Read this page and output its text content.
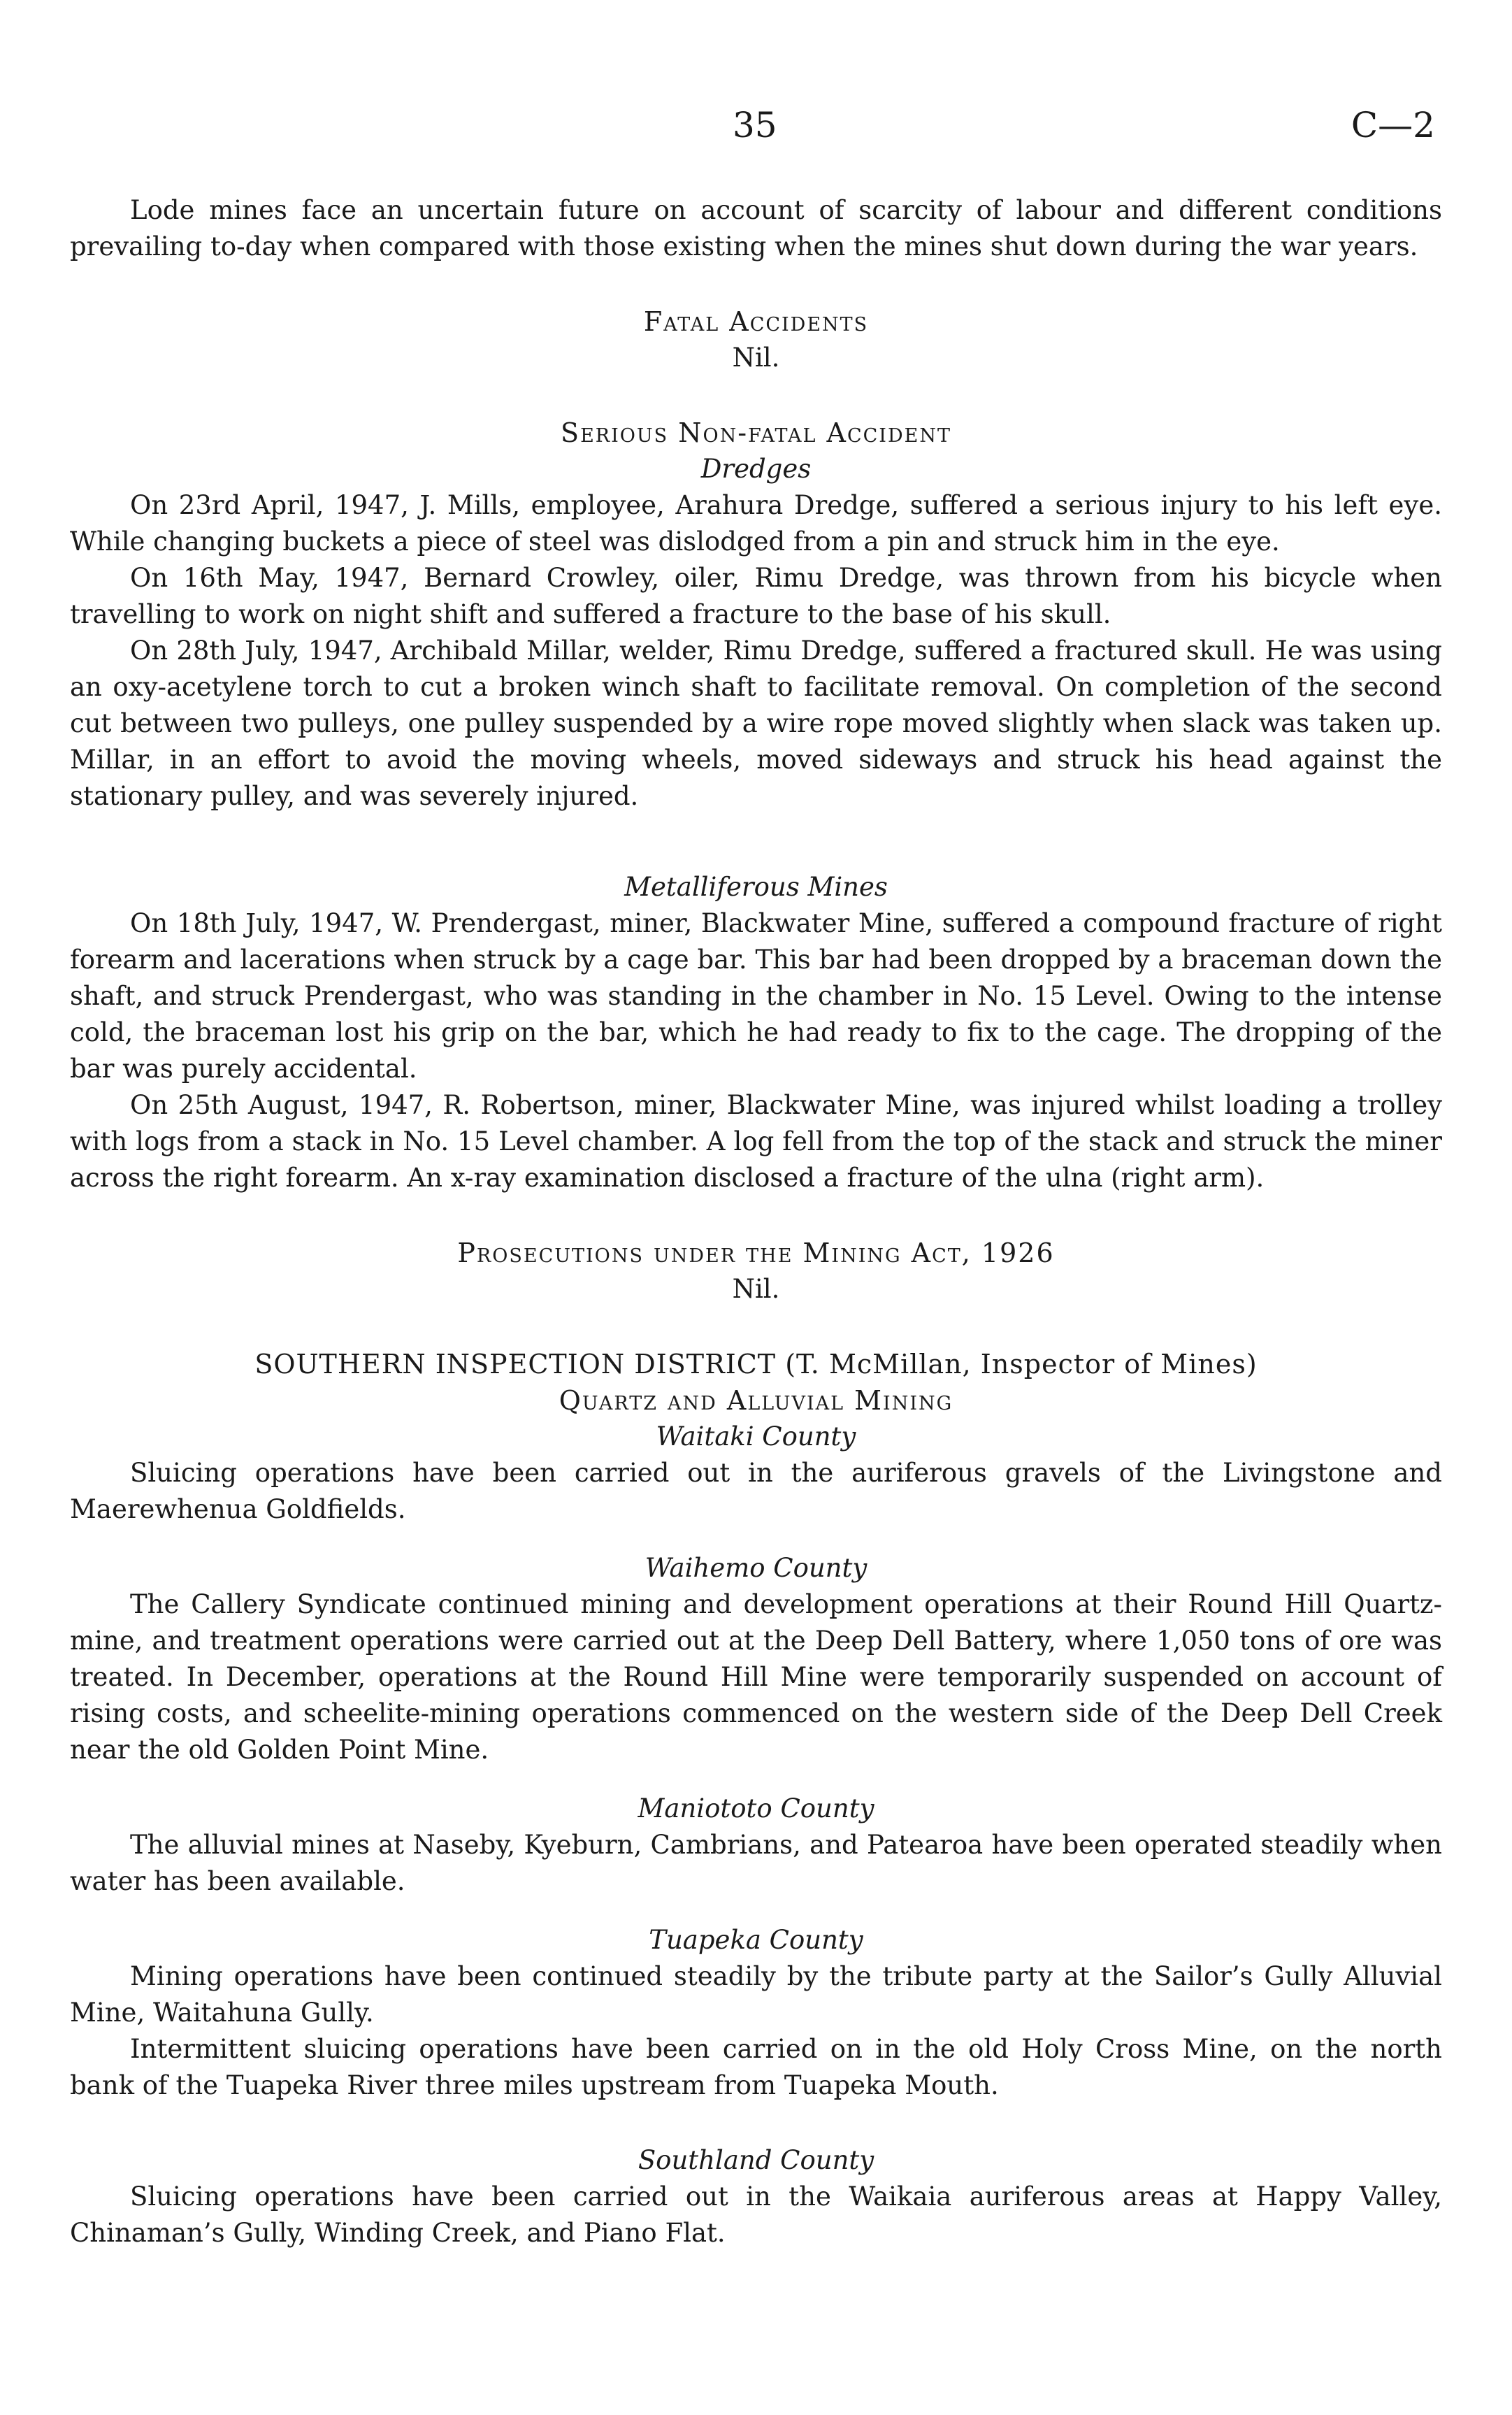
35	C—2

Lode mines face an uncertain future on account of scarcity of labour and different conditions prevailing to-day when compared with those existing when the mines shut down during the war years.

Fatal Accidents
Nil.
Serious Non-fatal Accident
Dredges

On 23rd April, 1947, J. Mills, employee, Arahura Dredge, suffered a serious injury to his left eye. While changing buckets a piece of steel was dislodged from a pin and struck him in the eye.

On 16th May, 1947, Bernard Crowley, oiler, Rimu Dredge, was thrown from his bicycle when travelling to work on night shift and suffered a fracture to the base of his skull.

On 28th July, 1947, Archibald Millar, welder, Rimu Dredge, suffered a fractured skull. He was using an oxy-acetylene torch to cut a broken winch shaft to facilitate removal. On completion of the second cut between two pulleys, one pulley suspended by a wire rope moved slightly when slack was taken up. Millar, in an effort to avoid the moving wheels, moved sideways and struck his head against the stationary pulley, and was severely injured.

Metalliferous Mines

On 18th July, 1947, W. Prendergast, miner, Blackwater Mine, suffered a compound fracture of right forearm and lacerations when struck by a cage bar. This bar had been dropped by a braceman down the shaft, and struck Prendergast, who was standing in the chamber in No. 15 Level. Owing to the intense cold, the braceman lost his grip on the bar, which he had ready to fix to the cage. The dropping of the bar was purely accidental.

On 25th August, 1947, R. Robertson, miner, Blackwater Mine, was injured whilst loading a trolley with logs from a stack in No. 15 Level chamber. A log fell from the top of the stack and struck the miner across the right forearm. An x-ray examination disclosed a fracture of the ulna (right arm).

Prosecutions under the Mining Act, 1926
Nil.
SOUTHERN INSPECTION DISTRICT (T. McMillan, Inspector of Mines)
Quartz and Alluvial Mining
Waitaki County

Sluicing operations have been carried out in the auriferous gravels of the Livingstone and Maerewhenua Goldfields.

Waihemo County

The Callery Syndicate continued mining and development operations at their Round Hill Quartz-mine, and treatment operations were carried out at the Deep Dell Battery, where 1,050 tons of ore was treated. In December, operations at the Round Hill Mine were temporarily suspended on account of rising costs, and scheelite-mining operations commenced on the western side of the Deep Dell Creek near the old Golden Point Mine.

Maniototo County

The alluvial mines at Naseby, Kyeburn, Cambrians, and Patearoa have been operated steadily when water has been available.

Tuapeka County

Mining operations have been continued steadily by the tribute party at the Sailor’s Gully Alluvial Mine, Waitahuna Gully.

Intermittent sluicing operations have been carried on in the old Holy Cross Mine, on the north bank of the Tuapeka River three miles upstream from Tuapeka Mouth.

Southland County

Sluicing operations have been carried out in the Waikaia auriferous areas at Happy Valley, Chinaman’s Gully, Winding Creek, and Piano Flat.
